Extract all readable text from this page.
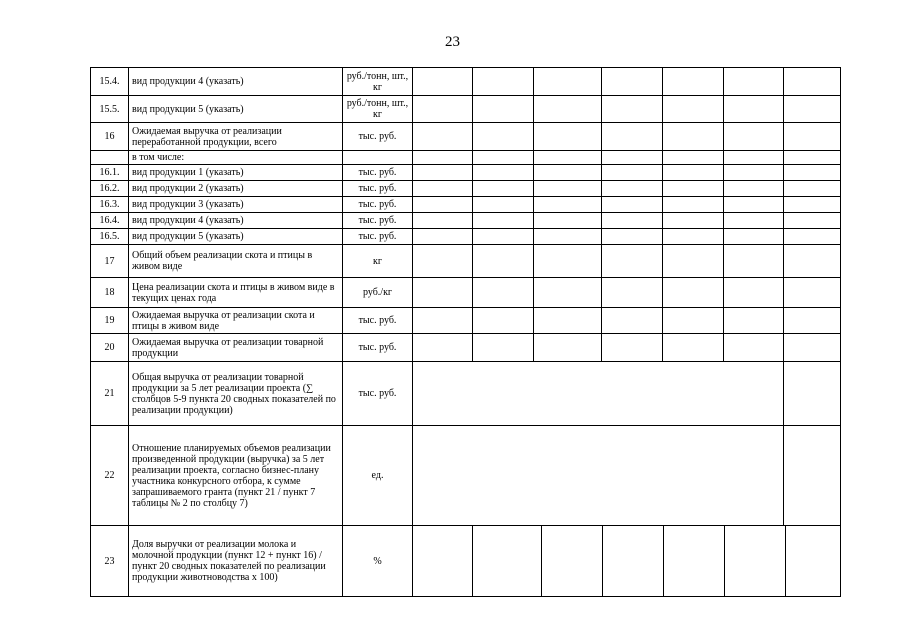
23
15.4.	вид продукции 4 (указать)	руб./тонн, шт., кг							
15.5.	вид продукции 5 (указать)	руб./тонн, шт., кг							
16	Ожидаемая выручка от реализации переработанной продукции, всего	тыс. руб.							
	в том числе:								
16.1.	вид продукции 1 (указать)	тыс. руб.							
16.2.	вид продукции 2 (указать)	тыс. руб.							
16.3.	вид продукции 3 (указать)	тыс. руб.							
16.4.	вид продукции 4 (указать)	тыс. руб.							
16.5.	вид продукции 5 (указать)	тыс. руб.							
17	Общий объем реализации скота и птицы в живом виде	кг							
18	Цена реализации скота и птицы в живом виде в текущих ценах года	руб./кг							
19	Ожидаемая выручка от реализации скота и птицы в живом виде	тыс. руб.							
20	Ожидаемая выручка от реализации товарной продукции	тыс. руб.							
21	Общая выручка от реализации товарной продукции за 5 лет реализации проекта (∑ столбцов 5-9 пункта 20 сводных показателей по реализации продукции)	тыс. руб.							
22	Отношение планируемых объемов реализации произведенной продукции (выручка) за 5 лет реализации проекта, согласно бизнес-плану участника конкурсного отбора, к сумме запрашиваемого гранта (пункт 21 / пункт 7 таблицы № 2 по столбцу 7)	ед.							
23	Доля выручки от реализации молока и молочной продукции (пункт 12 + пункт 16) / пункт 20 сводных показателей по реализации продукции животноводства х 100)	%							
